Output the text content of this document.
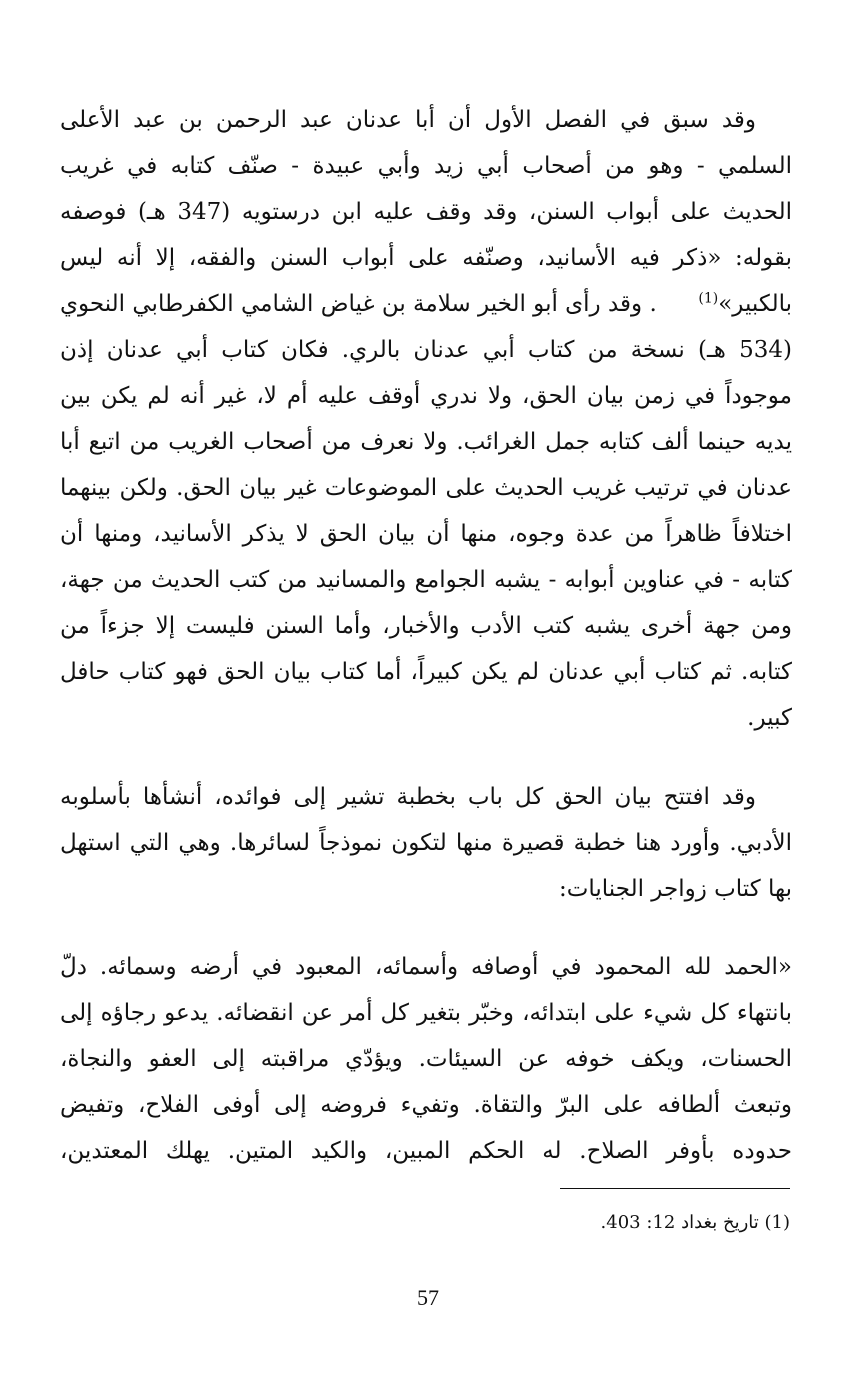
وقد سبق في الفصل الأول أن أبا عدنان عبد الرحمن بن عبد الأعلى
السلمي - وهو من أصحاب أبي زيد وأبي عبيدة - صنّف كتابه في غريب
الحديث على أبواب السنن، وقد وقف عليه ابن درستويه (347 هـ) فوصفه
بقوله: «ذكر فيه الأسانيد، وصنّفه على أبواب السنن والفقه، إلا أنه ليس
بالكبير»$^{(1)}$
. وقد رأى أبو الخير سلامة بن غياض الشامي الكفرطابي النحوي
(534 هـ) نسخة من كتاب أبي عدنان بالري. فكان كتاب أبي عدنان إذن
موجوداً في زمن بيان الحق، ولا ندري أوقف عليه أم لا، غير أنه لم يكن بين
يديه حينما ألف كتابه جمل الغرائب. ولا نعرف من أصحاب الغريب من اتبع أبا
عدنان في ترتيب غريب الحديث على الموضوعات غير بيان الحق. ولكن بينهما
اختلافاً ظاهراً من عدة وجوه، منها أن بيان الحق لا يذكر الأسانيد، ومنها أن
كتابه - في عناوين أبوابه - يشبه الجوامع والمسانيد من كتب الحديث من جهة،
ومن جهة أخرى يشبه كتب الأدب والأخبار، وأما السنن فليست إلا جزءاً من
كتابه. ثم كتاب أبي عدنان لم يكن كبيراً، أما كتاب بيان الحق فهو كتاب حافل
كبير.
وقد افتتح بيان الحق كل باب بخطبة تشير إلى فوائده، أنشأها بأسلوبه
الأدبي. وأورد هنا خطبة قصيرة منها لتكون نموذجاً لسائرها. وهي التي استهل
بها كتاب زواجر الجنايات:
«الحمد لله المحمود في أوصافه وأسمائه، المعبود في أرضه وسمائه. دلّ
بانتهاء كل شيء على ابتدائه، وخبّر بتغير كل أمر عن انقضائه. يدعو رجاؤه إلى
الحسنات، ويكف خوفه عن السيئات. ويؤدّي مراقبته إلى العفو والنجاة،
وتبعث ألطافه على البرّ والتقاة. وتفيء فروضه إلى أوفى الفلاح، وتفيض
حدوده بأوفر الصلاح. له الحكم المبين، والكيد المتين. يهلك المعتدين،
(1) تاريخ بغداد 12: 403.
57
